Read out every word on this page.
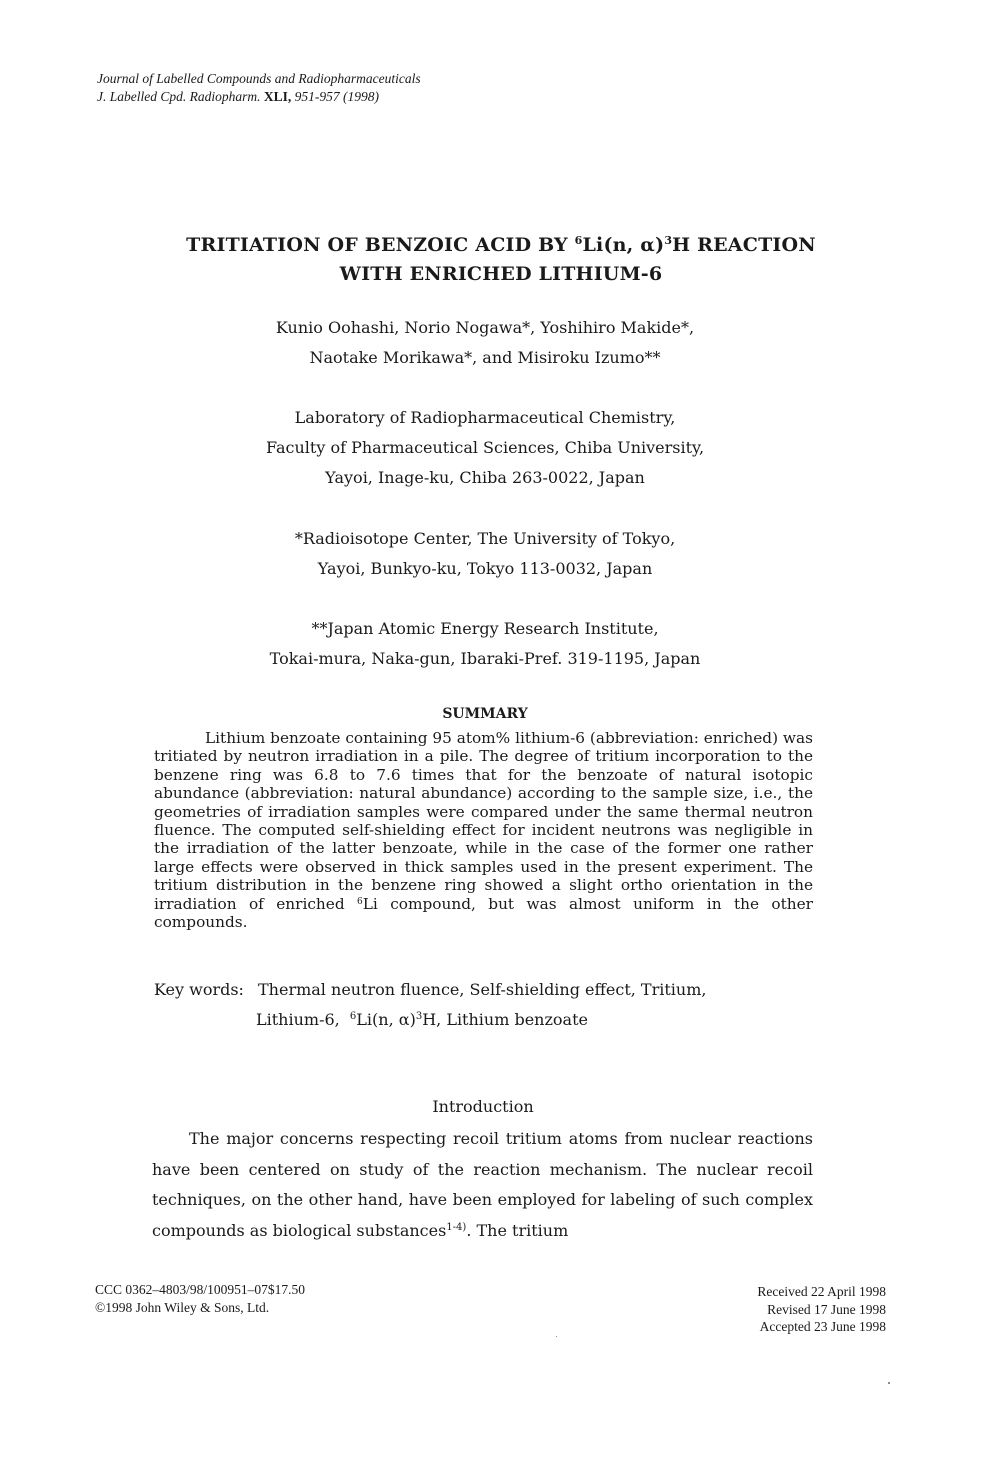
Journal of Labelled Compounds and Radiopharmaceuticals
J. Labelled Cpd. Radiopharm. XLI, 951-957 (1998)
TRITIATION OF BENZOIC ACID BY $^6$Li(n, α)$^3$H REACTION
WITH ENRICHED LITHIUM-6
Kunio Oohashi, Norio Nogawa*, Yoshihiro Makide*,
Naotake Morikawa*, and Misiroku Izumo**
Laboratory of Radiopharmaceutical Chemistry,
Faculty of Pharmaceutical Sciences, Chiba University,
Yayoi, Inage-ku, Chiba 263-0022, Japan
*Radioisotope Center, The University of Tokyo,
Yayoi, Bunkyo-ku, Tokyo 113-0032, Japan
**Japan Atomic Energy Research Institute,
Tokai-mura, Naka-gun, Ibaraki-Pref. 319-1195, Japan
SUMMARY

Lithium benzoate containing 95 atom% lithium-6 (abbreviation: enriched) was tritiated by neutron irradiation in a pile. The degree of tritium incorporation to the benzene ring was 6.8 to 7.6 times that for the benzoate of natural isotopic abundance (abbreviation: natural abundance) according to the sample size, i.e., the geometries of irradiation samples were compared under the same thermal neutron fluence. The computed self-shielding effect for incident neutrons was negligible in the irradiation of the latter benzoate, while in the case of the former one rather large effects were observed in thick samples used in the present experiment. The tritium distribution in the benzene ring showed a slight ortho orientation in the irradiation of enriched $^6$Li compound, but was almost uniform in the other compounds.

Key words: Thermal neutron fluence, Self-shielding effect, Tritium,
Lithium-6,  $^6$Li(n, α)$^3$H, Lithium benzoate
Introduction

The major concerns respecting recoil tritium atoms from nuclear reactions have been centered on study of the reaction mechanism. The nuclear recoil techniques, on the other hand, have been employed for labeling of such complex compounds as biological substances$^{1-4)}$. The tritium

CCC 0362–4803/98/100951–07$17.50
©1998 John Wiley & Sons, Ltd.
Received 22 April 1998
Revised 17 June 1998
Accepted 23 June 1998
